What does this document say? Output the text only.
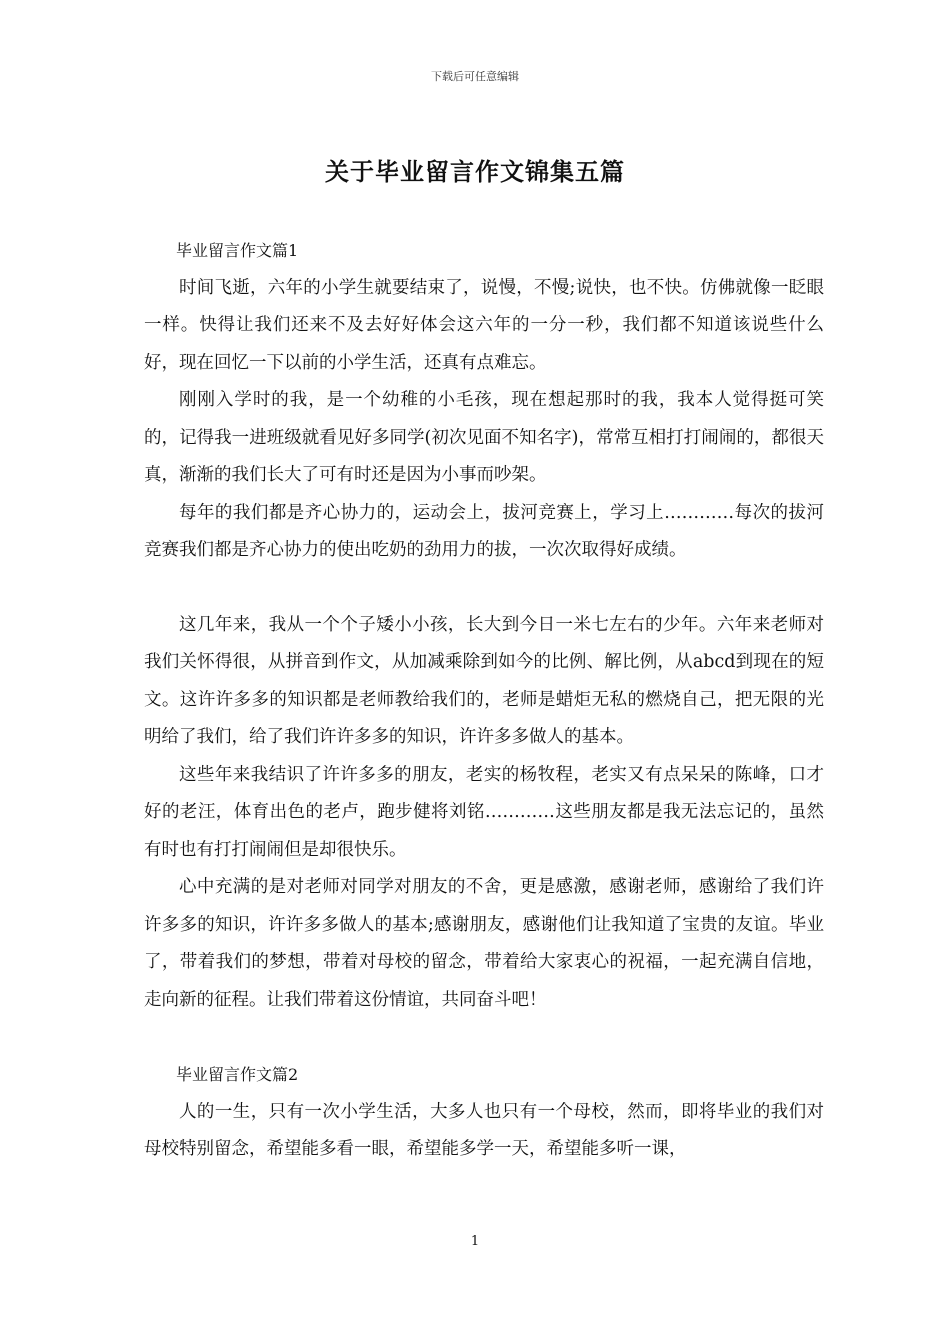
下载后可任意编辑
关于毕业留言作文锦集五篇

毕业留言作文篇1

时间飞逝，六年的小学生就要结束了，说慢，不慢;说快，也不快。仿佛就像一眨眼一样。快得让我们还来不及去好好体会这六年的一分一秒，我们都不知道该说些什么好，现在回忆一下以前的小学生活，还真有点难忘。

刚刚入学时的我，是一个幼稚的小毛孩，现在想起那时的我，我本人觉得挺可笑的，记得我一进班级就看见好多同学(初次见面不知名字)，常常互相打打闹闹的，都很天真，渐渐的我们长大了可有时还是因为小事而吵架。

每年的我们都是齐心协力的，运动会上，拔河竞赛上，学习上…………每次的拔河竞赛我们都是齐心协力的使出吃奶的劲用力的拔，一次次取得好成绩。

这几年来，我从一个个子矮小小孩，长大到今日一米七左右的少年。六年来老师对我们关怀得很，从拼音到作文，从加减乘除到如今的比例、解比例，从abcd到现在的短文。这许许多多的知识都是老师教给我们的，老师是蜡炬无私的燃烧自己，把无限的光明给了我们，给了我们许许多多的知识，许许多多做人的基本。

这些年来我结识了许许多多的朋友，老实的杨牧程，老实又有点呆呆的陈峰，口才好的老汪，体育出色的老卢，跑步健将刘铭…………这些朋友都是我无法忘记的，虽然有时也有打打闹闹但是却很快乐。

心中充满的是对老师对同学对朋友的不舍，更是感激，感谢老师，感谢给了我们许许多多的知识，许许多多做人的基本;感谢朋友，感谢他们让我知道了宝贵的友谊。毕业了，带着我们的梦想，带着对母校的留念，带着给大家衷心的祝福，一起充满自信地，走向新的征程。让我们带着这份情谊，共同奋斗吧！

毕业留言作文篇2

人的一生，只有一次小学生活，大多人也只有一个母校，然而，即将毕业的我们对母校特别留念，希望能多看一眼，希望能多学一天，希望能多听一课，

1
